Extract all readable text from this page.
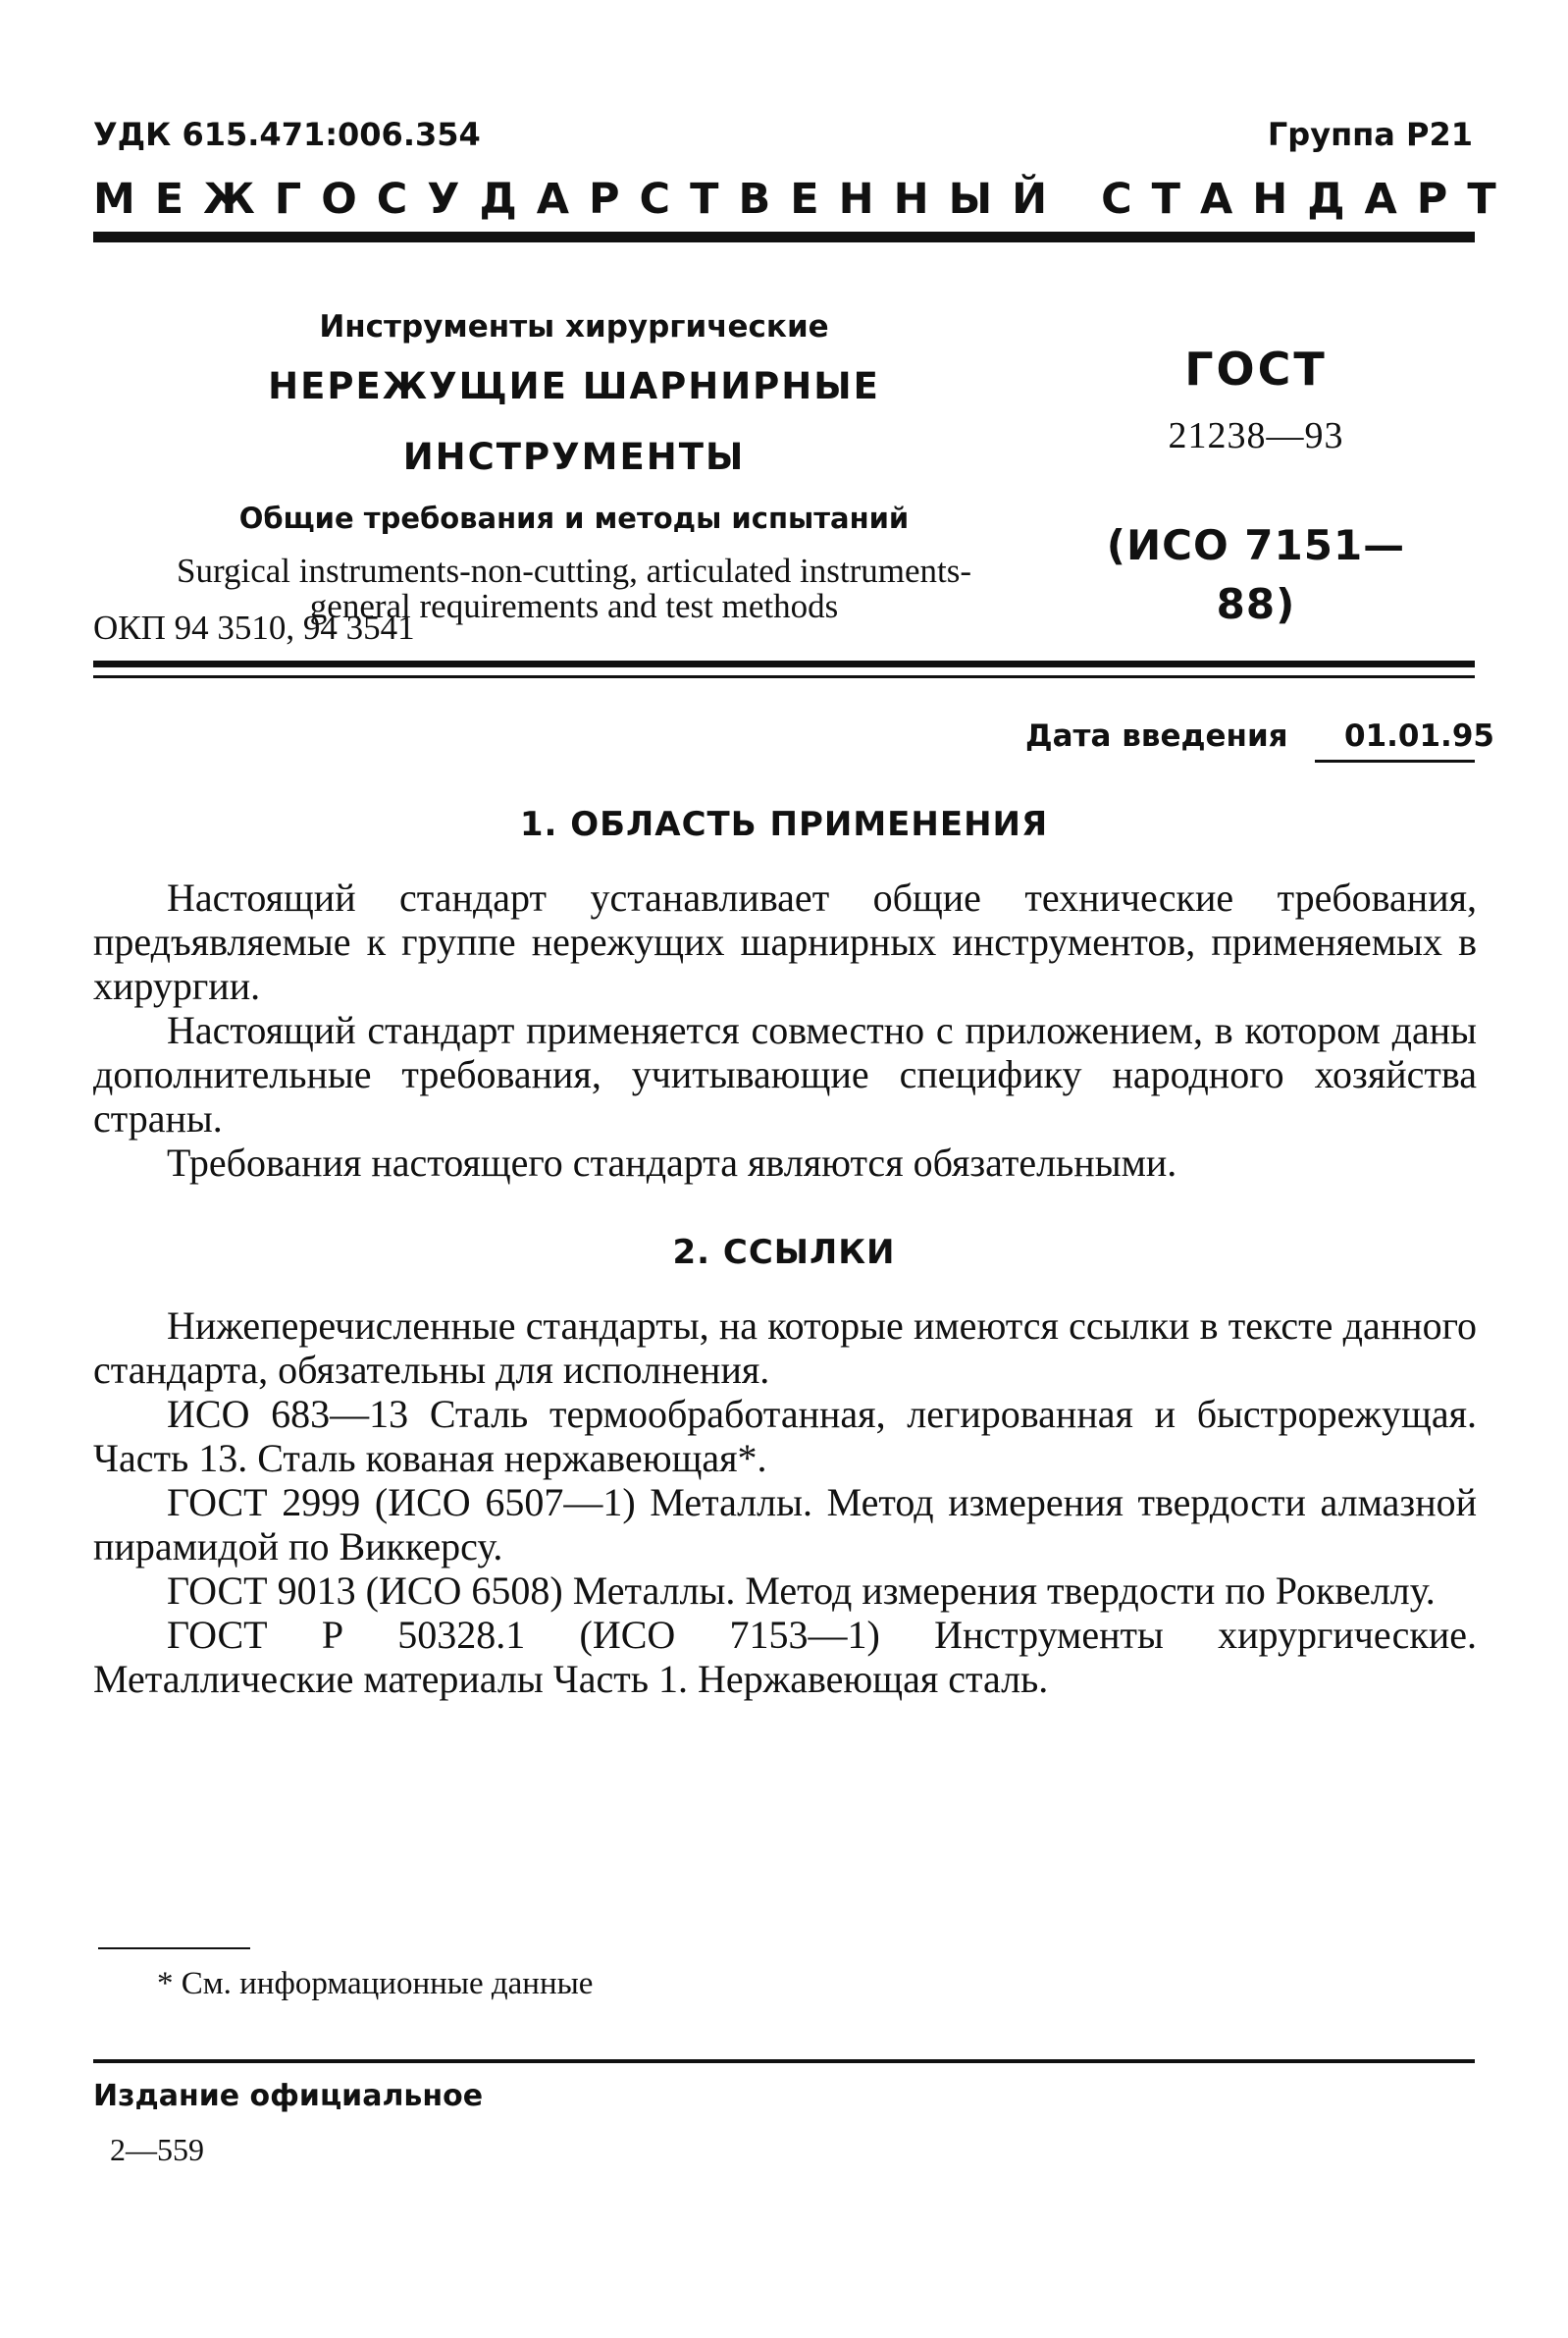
УДК 615.471:006.354	Группа Р21
МЕЖГОСУДАРСТВЕННЫЙ СТАНДАРТ
Инструменты хирургические
НЕРЕЖУЩИЕ ШАРНИРНЫЕ ИНСТРУМЕНТЫ
Общие требования и методы испытаний
Surgical instruments-non-cutting, articulated instruments-general requirements and test methods
ОКП 94 3510, 94 3541
ГОСТ
21238—93
(ИСО 7151—88)
Дата введения 01.01.95
1. ОБЛАСТЬ ПРИМЕНЕНИЯ

Настоящий стандарт устанавливает общие технические требования, предъявляемые к группе нережущих шарнирных инструментов, применяемых в хирургии.

Настоящий стандарт применяется совместно с приложением, в котором даны дополнительные требования, учитывающие специфику народного хозяйства страны.

Требования настоящего стандарта являются обязательными.

2. ССЫЛКИ

Нижеперечисленные стандарты, на которые имеются ссылки в тексте данного стандарта, обязательны для исполнения.

ИСО 683—13 Сталь термообработанная, легированная и быстрорежущая. Часть 13. Сталь кованая нержавеющая*.

ГОСТ 2999 (ИСО 6507—1) Металлы. Метод измерения твердости алмазной пирамидой по Виккерсу.

ГОСТ 9013 (ИСО 6508) Металлы. Метод измерения твердости по Роквеллу.

ГОСТ Р 50328.1 (ИСО 7153—1) Инструменты хирургические. Металлические материалы Часть 1. Нержавеющая сталь.

* См. информационные данные
Издание официальное
2—559
